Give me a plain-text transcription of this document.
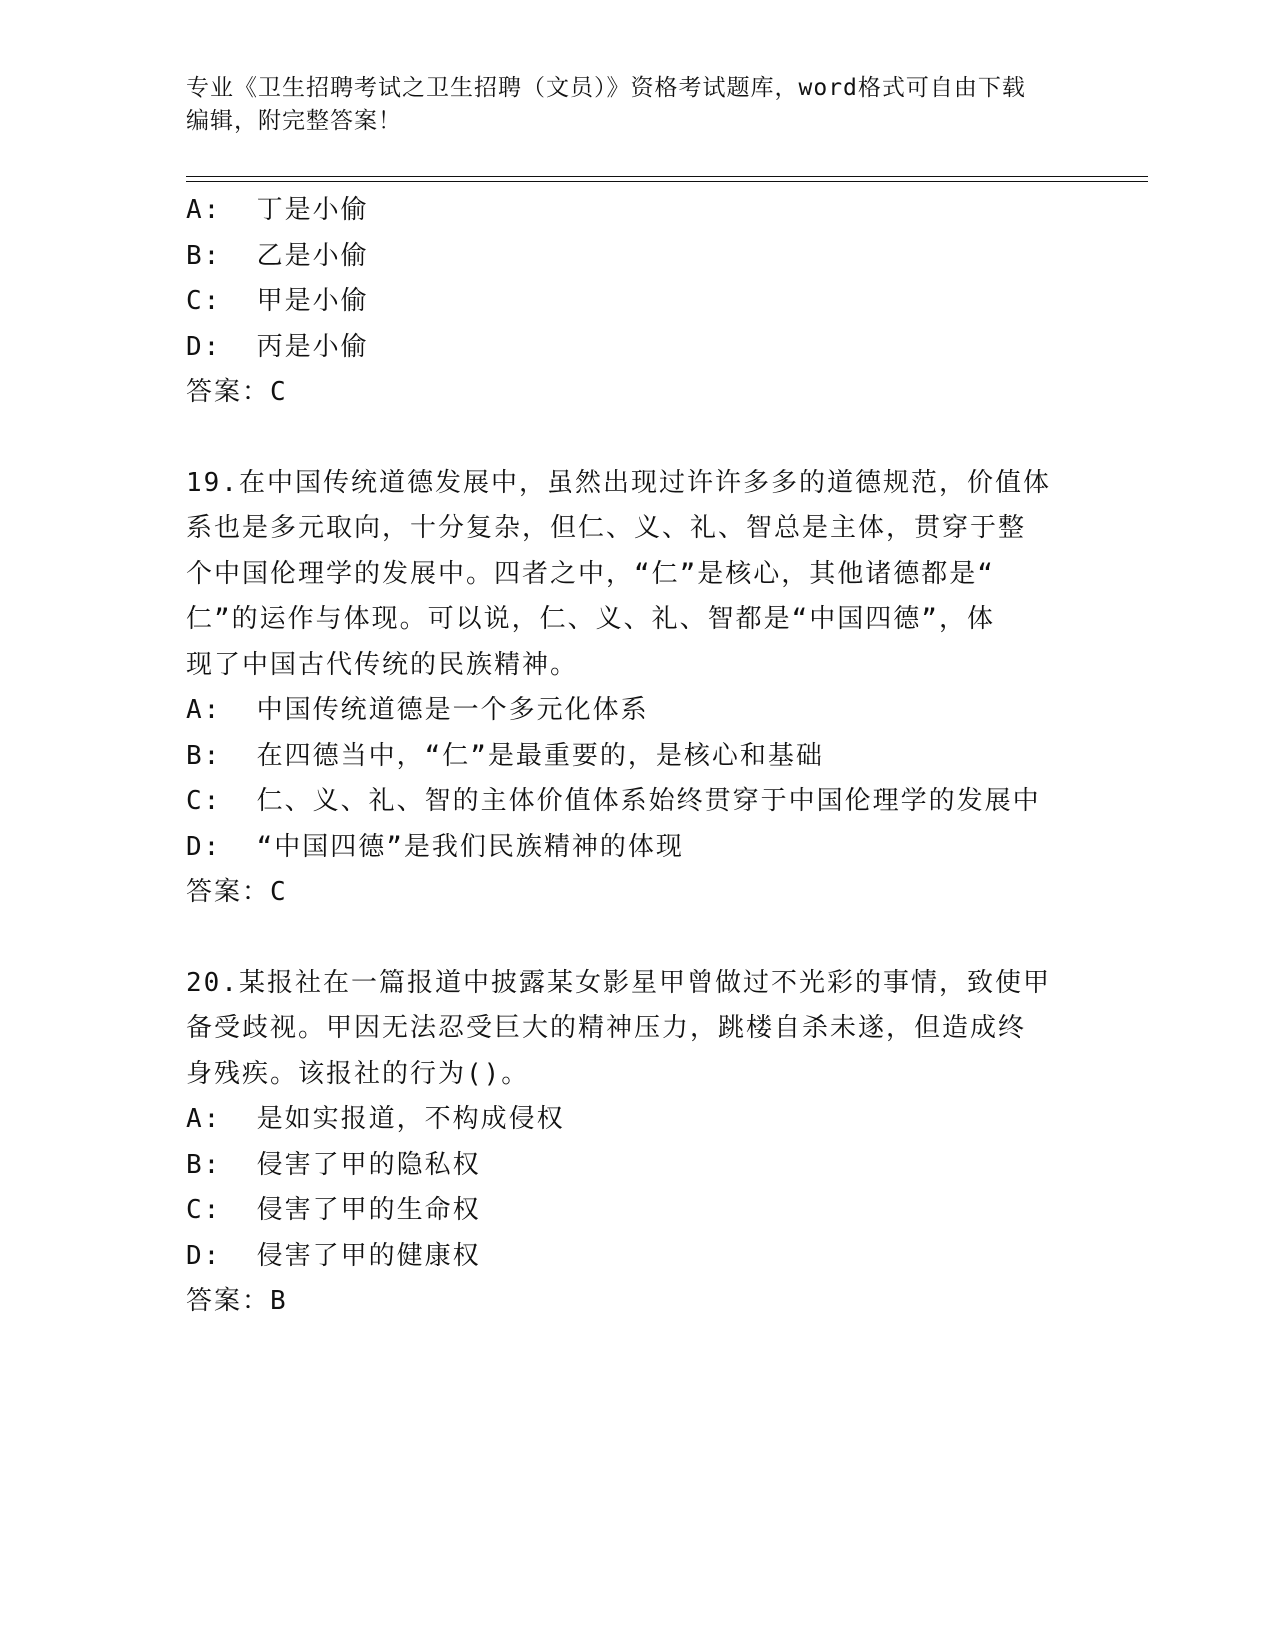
专业《卫生招聘考试之卫生招聘（文员）》资格考试题库，word格式可自由下载
编辑，附完整答案！
A:  丁是小偷
B:  乙是小偷
C:  甲是小偷
D:  丙是小偷
答案：C
19.在中国传统道德发展中，虽然出现过许许多多的道德规范，价值体
系也是多元取向，十分复杂，但仁、义、礼、智总是主体，贯穿于整
个中国伦理学的发展中。四者之中，“仁”是核心，其他诸德都是“
仁”的运作与体现。可以说，仁、义、礼、智都是“中国四德”，体
现了中国古代传统的民族精神。
A:  中国传统道德是一个多元化体系
B:  在四德当中，“仁”是最重要的，是核心和基础
C:  仁、义、礼、智的主体价值体系始终贯穿于中国伦理学的发展中
D:  “中国四德”是我们民族精神的体现
答案：C
20.某报社在一篇报道中披露某女影星甲曾做过不光彩的事情，致使甲
备受歧视。甲因无法忍受巨大的精神压力，跳楼自杀未遂，但造成终
身残疾。该报社的行为()。
A:  是如实报道，不构成侵权
B:  侵害了甲的隐私权
C:  侵害了甲的生命权
D:  侵害了甲的健康权
答案：B
